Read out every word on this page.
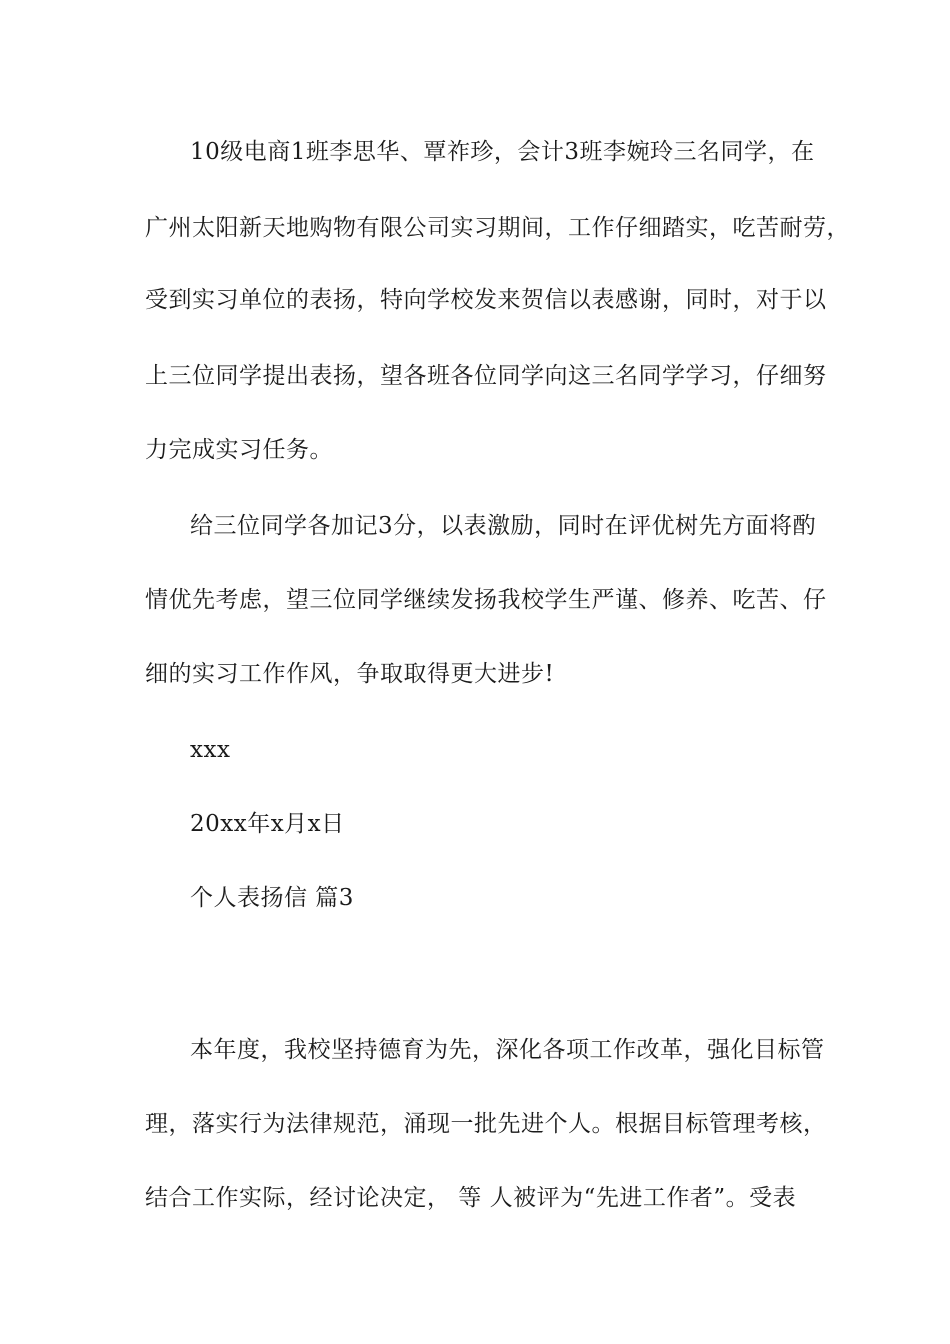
10级电商1班李思华、覃祚珍，会计3班李婉玲三名同学，在
广州太阳新天地购物有限公司实习期间，工作仔细踏实，吃苦耐劳，
受到实习单位的表扬，特向学校发来贺信以表感谢，同时，对于以
上三位同学提出表扬，望各班各位同学向这三名同学学习，仔细努
力完成实习任务。
给三位同学各加记3分，以表激励，同时在评优树先方面将酌
情优先考虑，望三位同学继续发扬我校学生严谨、修养、吃苦、仔
细的实习工作作风，争取取得更大进步!
xxx
20xx年x月x日
个人表扬信 篇3
本年度，我校坚持德育为先，深化各项工作改革，强化目标管
理，落实行为法律规范，涌现一批先进个人。根据目标管理考核，
结合工作实际，经讨论决定， 等 人被评为“先进工作者”。受表
